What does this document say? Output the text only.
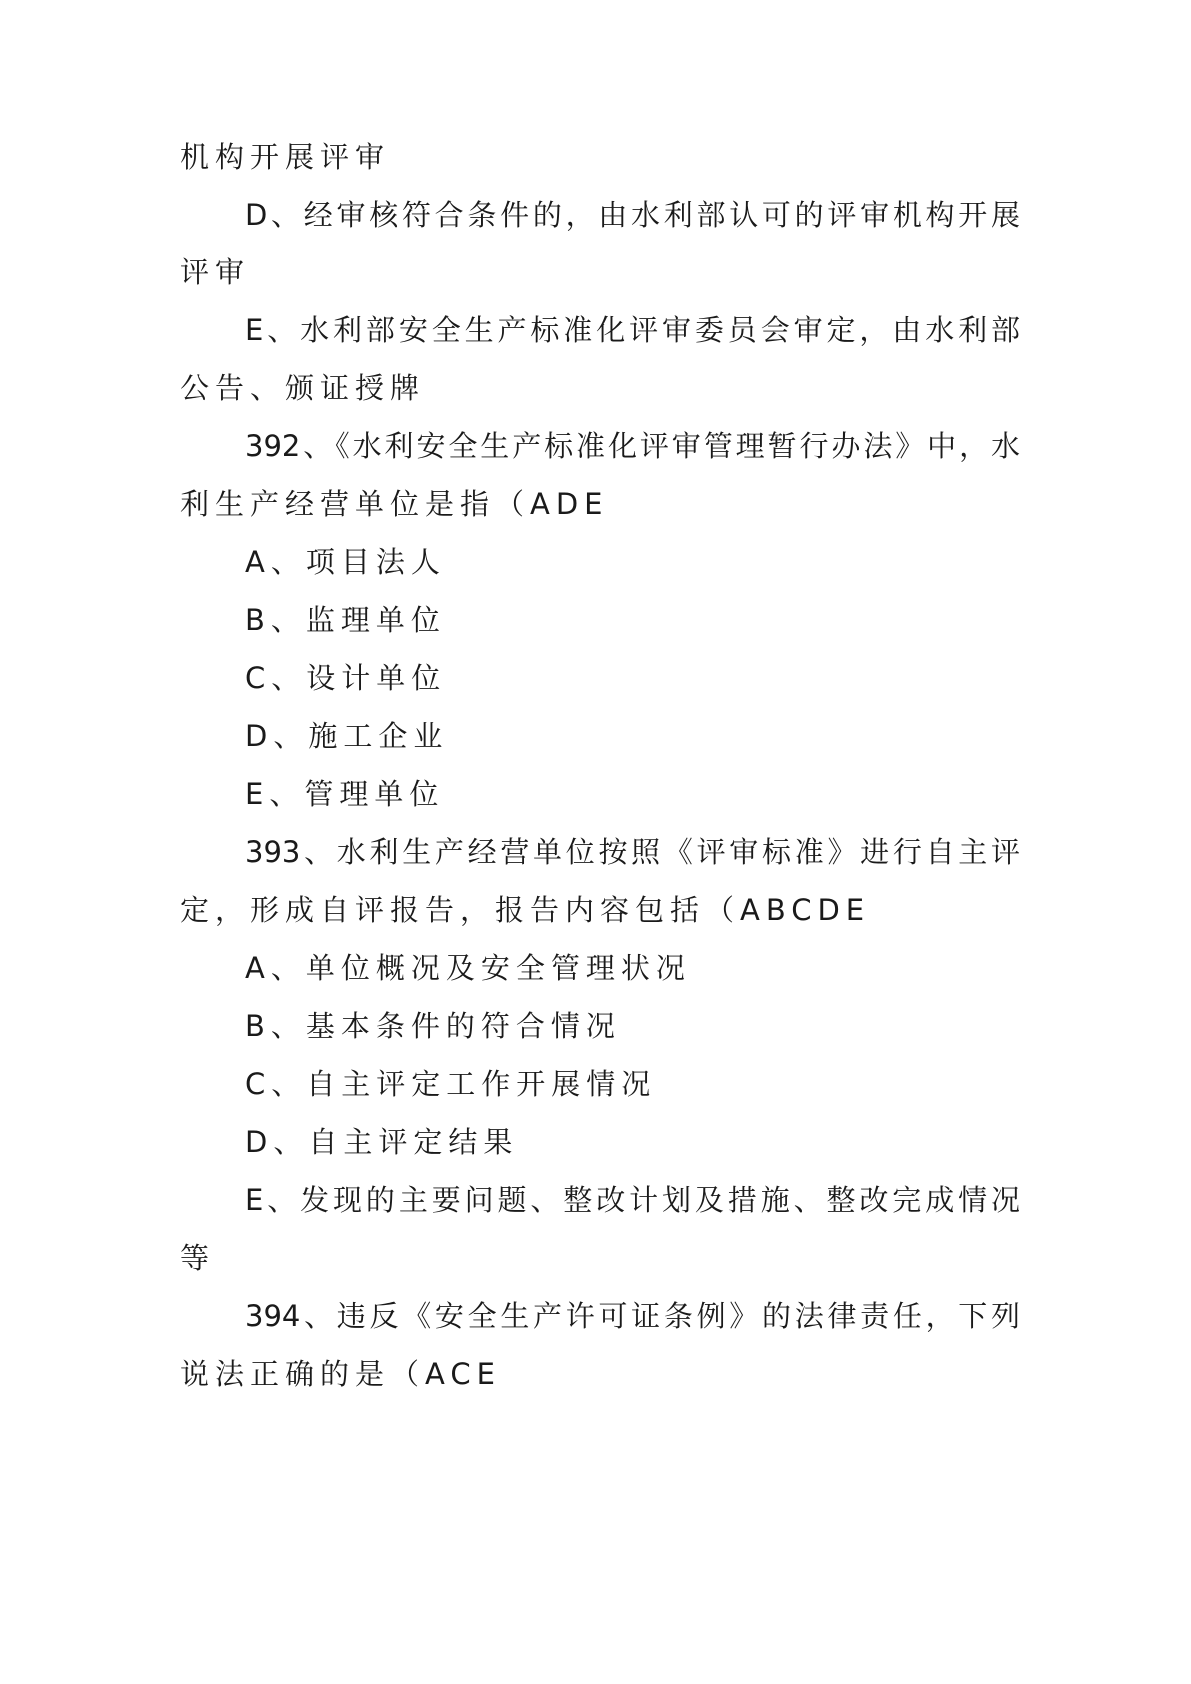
机构开展评审
D、经审核符合条件的，由水利部认可的评审机构开展
评审
E、水利部安全生产标准化评审委员会审定，由水利部
公告、颁证授牌
392、《水利安全生产标准化评审管理暂行办法》中，水
利生产经营单位是指（ADE
A、项目法人
B、监理单位
C、设计单位
D、施工企业
E、管理单位
393、水利生产经营单位按照《评审标准》进行自主评
定，形成自评报告，报告内容包括（ABCDE
A、单位概况及安全管理状况
B、基本条件的符合情况
C、自主评定工作开展情况
D、自主评定结果
E、发现的主要问题、整改计划及措施、整改完成情况
等
394、违反《安全生产许可证条例》的法律责任，下列
说法正确的是（ACE
